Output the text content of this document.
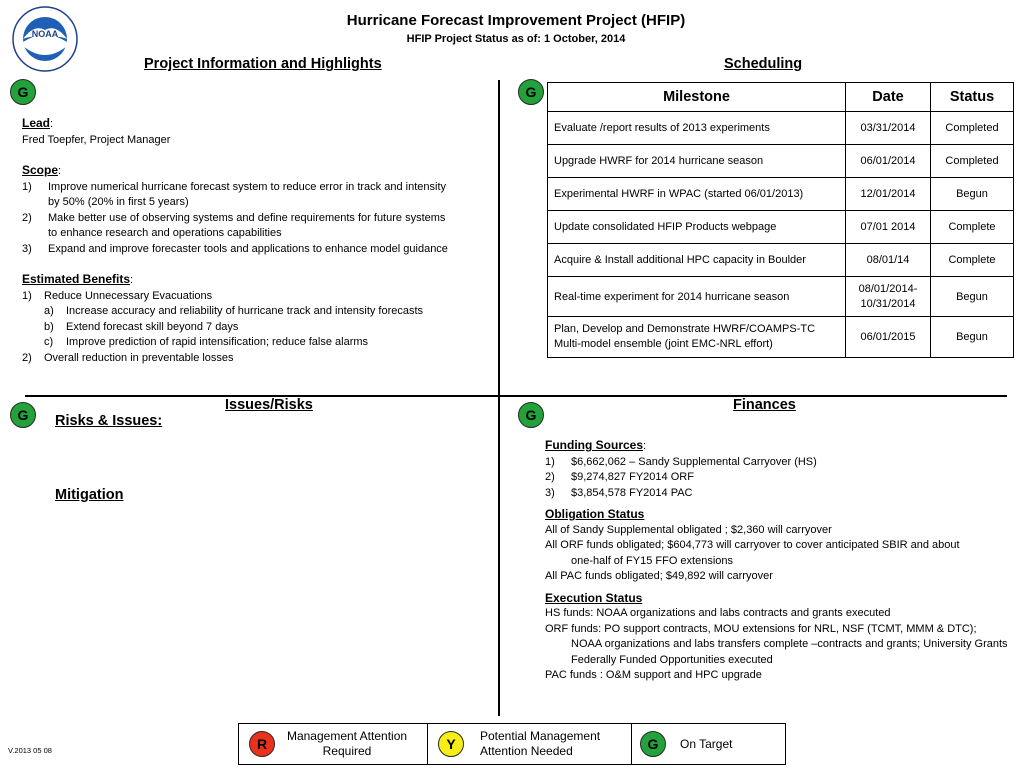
NOAA
Hurricane Forecast Improvement Project (HFIP)
HFIP Project Status as of: 1 October, 2014
Project Information and Highlights	Scheduling
Issues/Risks	Finances
G	G
G	G
Lead:
Fred Toepfer, Project Manager
Scope:
1)	Improve numerical hurricane forecast system to reduce error in track and intensity
by 50% (20% in first 5 years)
2)	Make better use of observing systems and define requirements for future systems
to enhance research and operations capabilities
3)	Expand and improve forecaster tools and applications to enhance model guidance
Estimated Benefits:
1)	Reduce Unnecessary Evacuations
a)	Increase accuracy and reliability of hurricane track and intensity forecasts
b)	Extend forecast skill beyond 7 days
c)	Improve prediction of rapid intensification; reduce false alarms
2)	Overall reduction in preventable losses
Milestone	Date	Status
Evaluate /report results of 2013 experiments	03/31/2014	Completed
Upgrade HWRF for 2014 hurricane season	06/01/2014	Completed
Experimental HWRF in WPAC (started 06/01/2013)	12/01/2014	Begun
Update consolidated HFIP Products webpage	07/01 2014	Complete
Acquire & Install additional HPC capacity in Boulder	08/01/14	Complete
Real-time experiment for 2014 hurricane season	08/01/2014-10/31/2014	Begun
Plan, Develop and Demonstrate HWRF/COAMPS-TC Multi-model ensemble (joint EMC-NRL effort)	06/01/2015	Begun
Risks & Issues:
Mitigation
Funding Sources:
1)	$6,662,062 – Sandy Supplemental Carryover (HS)
2)	$9,274,827 FY2014 ORF
3)	$3,854,578 FY2014 PAC
Obligation Status
All of Sandy Supplemental obligated ; $2,360 will carryover
All ORF funds obligated; $604,773 will carryover to cover anticipated SBIR and about
one-half of FY15 FFO extensions
All PAC funds obligated; $49,892 will carryover
Execution Status
HS funds: NOAA organizations and labs contracts and grants executed
ORF funds: PO support contracts, MOU extensions for NRL, NSF (TCMT, MMM & DTC);
NOAA organizations and labs transfers complete –contracts and grants; University Grants Federally Funded Opportunities executed
PAC funds : O&M support and HPC upgrade
R	Management Attention Required	Y	Potential Management Attention Needed	G	On Target
V.2013 05 08
